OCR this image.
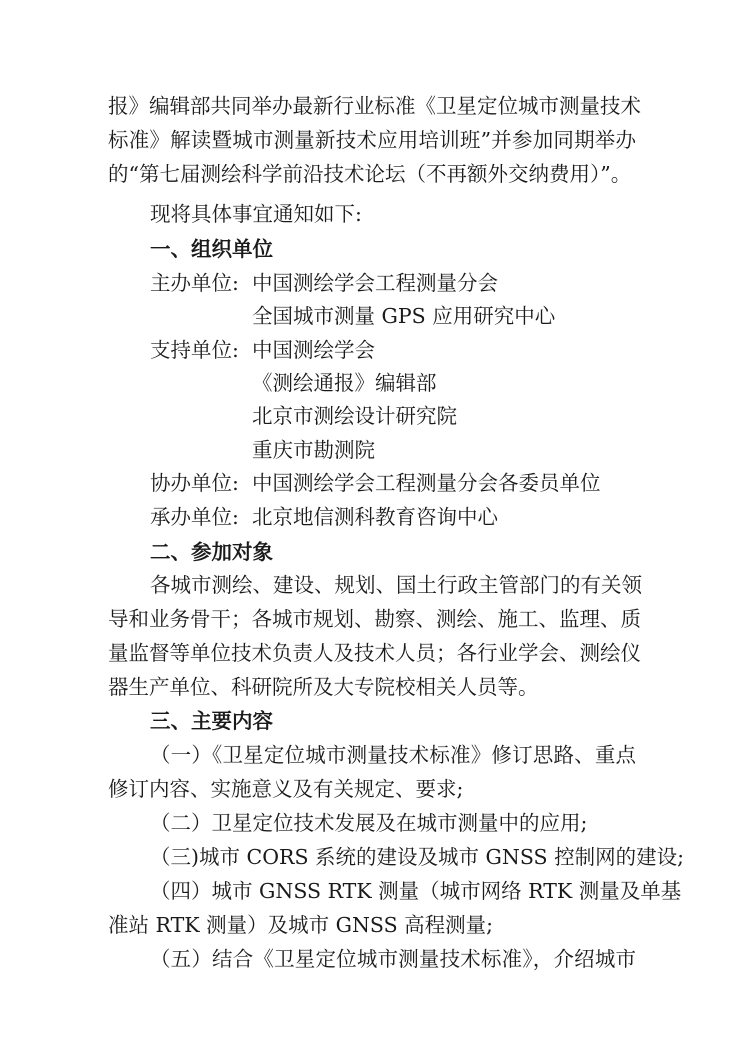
报》编辑部共同举办最新行业标准《卫星定位城市测量技术
标准》解读暨城市测量新技术应用培训班”并参加同期举办
的“第七届测绘科学前沿技术论坛（不再额外交纳费用）”。
现将具体事宜通知如下:
一、组织单位
主办单位: 中国测绘学会工程测量分会
全国城市测量 GPS 应用研究中心
支持单位: 中国测绘学会
《测绘通报》编辑部
北京市测绘设计研究院
重庆市勘测院
协办单位: 中国测绘学会工程测量分会各委员单位
承办单位: 北京地信测科教育咨询中心
二、参加对象
各城市测绘、建设、规划、国土行政主管部门的有关领
导和业务骨干；各城市规划、勘察、测绘、施工、监理、质
量监督等单位技术负责人及技术人员；各行业学会、测绘仪
器生产单位、科研院所及大专院校相关人员等。
三、主要内容
（一）《卫星定位城市测量技术标准》修订思路、重点
修订内容、实施意义及有关规定、要求;
（二）卫星定位技术发展及在城市测量中的应用;
（三)城市 CORS 系统的建设及城市 GNSS 控制网的建设;
（四）城市 GNSS RTK 测量（城市网络 RTK 测量及单基
准站 RTK 测量）及城市 GNSS 高程测量;
（五）结合《卫星定位城市测量技术标准》，介绍城市
